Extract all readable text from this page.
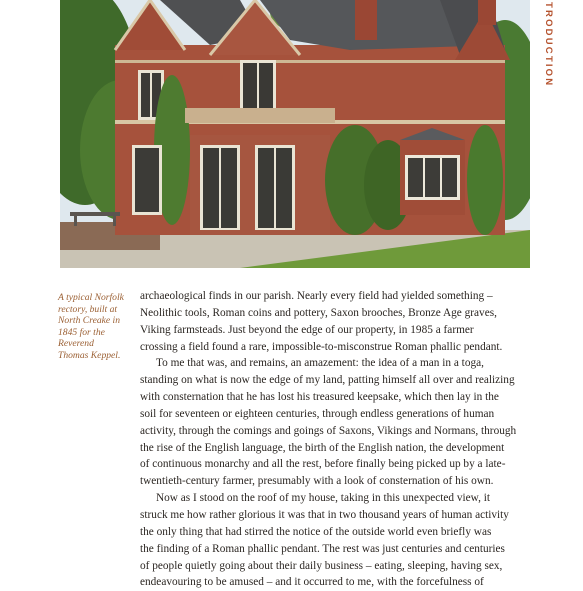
TRODUCTION
A typical Norfolk
rectory, built at
North Creake in
1845 for the
Reverend
Thomas Keppel.
archaeological finds in our parish. Nearly every field had yielded something –
Neolithic tools, Roman coins and pottery, Saxon brooches, Bronze Age graves,
Viking farmsteads. Just beyond the edge of our property, in 1985 a farmer
crossing a field found a rare, impossible-to-misconstrue Roman phallic pendant.
To me that was, and remains, an amazement: the idea of a man in a toga,
standing on what is now the edge of my land, patting himself all over and realizing
with consternation that he has lost his treasured keepsake, which then lay in the
soil for seventeen or eighteen centuries, through endless generations of human
activity, through the comings and goings of Saxons, Vikings and Normans, through
the rise of the English language, the birth of the English nation, the development
of continuous monarchy and all the rest, before finally being picked up by a late-
twentieth-century farmer, presumably with a look of consternation of his own.
Now as I stood on the roof of my house, taking in this unexpected view, it
struck me how rather glorious it was that in two thousand years of human activity
the only thing that had stirred the notice of the outside world even briefly was
the finding of a Roman phallic pendant. The rest was just centuries and centuries
of people quietly going about their daily business – eating, sleeping, having sex,
endeavouring to be amused – and it occurred to me, with the forcefulness of
